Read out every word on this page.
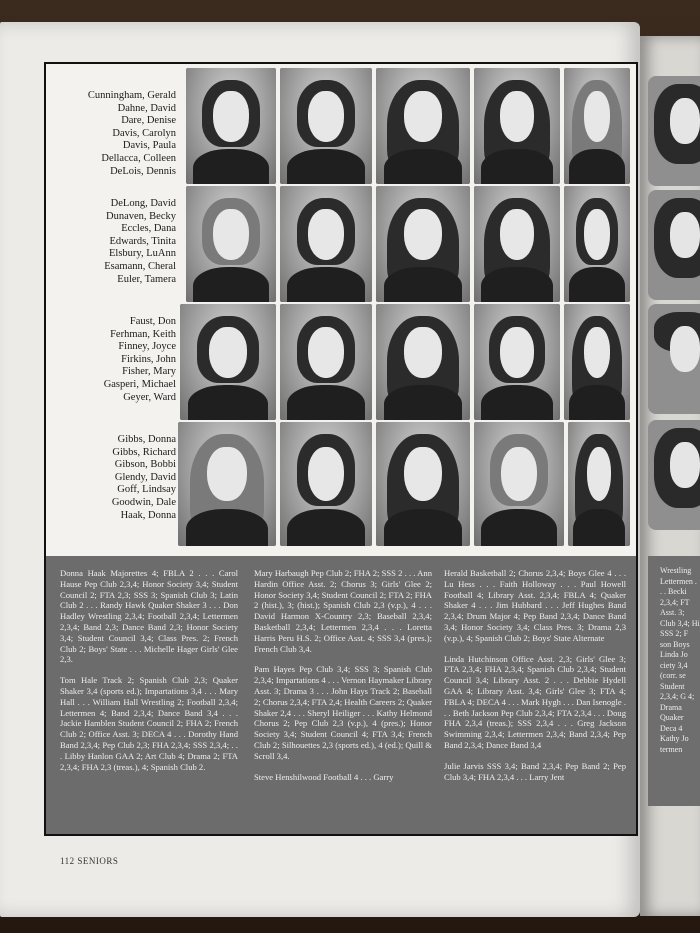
Wrestling Lettermen . . . Becki 2,3,4; FT Asst. 3; Club 3,4; Hi SSS 2; F son Boys Linda Jo ciety 3,4 (corr. se Student 2,3,4; G 4; Drama Quaker Deca 4 Kathy Jo termen
Cunningham, Gerald
Dahne, David
Dare, Denise
Davis, Carolyn
Davis, Paula
Dellacca, Colleen
DeLois, Dennis
DeLong, David
Dunaven, Becky
Eccles, Dana
Edwards, Tinita
Elsbury, LuAnn
Esamann, Cheral
Euler, Tamera
Faust, Don
Ferhman, Keith
Finney, Joyce
Firkins, John
Fisher, Mary
Gasperi, Michael
Geyer, Ward
Gibbs, Donna
Gibbs, Richard
Gibson, Bobbi
Glendy, David
Goff, Lindsay
Goodwin, Dale
Haak, Donna

Donna Haak Majorettes 4; FBLA 2 . . . Carol Hause Pep Club 2,3,4; Honor Society 3,4; Student Council 2; FTA 2,3; SSS 3; Spanish Club 3; Latin Club 2 . . . Randy Hawk Quaker Shaker 3 . . . Don Hadley Wrestling 2,3,4; Football 2,3,4; Lettermen 2,3,4; Band 2,3; Dance Band 2,3; Honor Society 3,4; Student Council 3,4; Class Pres. 2; French Club 2; Boys' State . . . Michelle Hager Girls' Glee 2,3.

Tom Hale Track 2; Spanish Club 2,3; Quaker Shaker 3,4 (sports ed.); Impartations 3,4 . . . Mary Hall . . . William Hall Wrestling 2; Football 2,3,4; Lettermen 4; Band 2,3,4; Dance Band 3,4 . . . Jackie Hamblen Student Council 2; FHA 2; French Club 2; Office Asst. 3; DECA 4 . . . Dorothy Hand Band 2,3,4; Pep Club 2,3; FHA 2,3,4; SSS 2,3,4; . . . Libby Hanlon GAA 2; Art Club 4; Drama 2; FTA 2,3,4; FHA 2,3 (treas.), 4; Spanish Club 2.

Mary Harbaugh Pep Club 2; FHA 2; SSS 2 . . . Ann Hardin Office Asst. 2; Chorus 3; Girls' Glee 2; Honor Society 3,4; Student Council 2; FTA 2; FHA 2 (hist.), 3; (hist.); Spanish Club 2,3 (v.p.), 4 . . . David Harmon X-Country 2,3; Baseball 2,3,4; Basketball 2,3,4; Lettermen 2,3,4 . . . Loretta Harris Peru H.S. 2; Office Asst. 4; SSS 3,4 (pres.); French Club 3,4.

Pam Hayes Pep Club 3,4; SSS 3; Spanish Club 2,3,4; Impartations 4 . . . Vernon Haymaker Library Asst. 3; Drama 3 . . . John Hays Track 2; Baseball 2; Chorus 2,3,4; FTA 2,4; Health Careers 2; Quaker Shaker 2,4 . . . Sheryl Heiliger . . . Kathy Helmond Chorus 2; Pep Club 2,3 (v.p.), 4 (pres.); Honor Society 3,4; Student Council 4; FTA 3,4; French Club 2; Silhouettes 2,3 (sports ed.), 4 (ed.); Quill & Scroll 3,4.

Steve Henshilwood Football 4 . . . Garry

Herald Basketball 2; Chorus 2,3,4; Boys Glee 4 . . . Lu Hess . . . Faith Holloway . . . Paul Howell Football 4; Library Asst. 2,3,4; FBLA 4; Quaker Shaker 4 . . . Jim Hubbard . . . Jeff Hughes Band 2,3,4; Drum Major 4; Pep Band 2,3,4; Dance Band 3,4; Honor Society 3,4; Class Pres. 3; Drama 2,3 (v.p.), 4; Spanish Club 2; Boys' State Alternate

Linda Hutchinson Office Asst. 2,3; Girls' Glee 3; FTA 2,3,4; FHA 2,3,4; Spanish Club 2,3,4; Student Council 3,4; Library Asst. 2 . . . Debbie Hydell GAA 4; Library Asst. 3,4; Girls' Glee 3; FTA 4; FBLA 4; DECA 4 . . . Mark Hygh . . . Dan Isenogle . . . Beth Jackson Pep Club 2,3,4; FTA 2,3,4 . . . Doug FHA 2,3,4 (treas.); SSS 2,3,4 . . . Greg Jackson Swimming 2,3,4; Lettermen 2,3,4; Band 2,3,4; Pep Band 2,3,4; Dance Band 3,4

Julie Jarvis SSS 3,4; Band 2,3,4; Pep Band 2; Pep Club 3,4; FHA 2,3,4 . . . Larry Jent

112 SENIORS
